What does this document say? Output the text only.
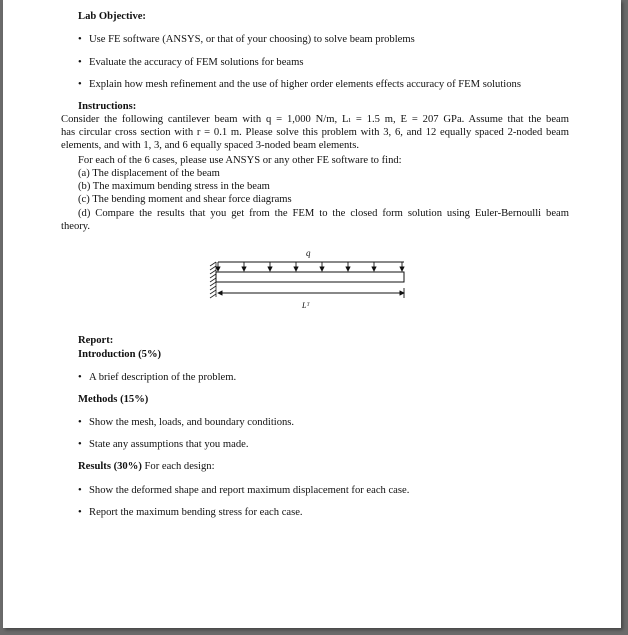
Lab Objective:
• Use FE software (ANSYS, or that of your choosing) to solve beam problems
• Evaluate the accuracy of FEM solutions for beams
• Explain how mesh refinement and the use of higher order elements effects accuracy of FEM solutions
Instructions:
Consider the following cantilever beam with q = 1,000 N/m, Lₗ = 1.5 m, E = 207 GPa. Assume that the beam
has circular cross section with r = 0.1 m. Please solve this problem with 3, 6, and 12 equally spaced 2-noded beam
elements, and with 1, 3, and 6 equally spaced 3-noded beam elements.
For each of the 6 cases, please use ANSYS or any other FE software to find:
(a) The displacement of the beam
(b) The maximum bending stress in the beam
(c) The bending moment and shear force diagrams
(d) Compare the results that you get from the FEM to the closed form solution using Euler-Bernoulli beam
theory.
q
Lᵀ
Report:
Introduction (5%)
• A brief description of the problem.
Methods (15%)
• Show the mesh, loads, and boundary conditions.
• State any assumptions that you made.
Results (30%) For each design:
• Show the deformed shape and report maximum displacement for each case.
• Report the maximum bending stress for each case.
